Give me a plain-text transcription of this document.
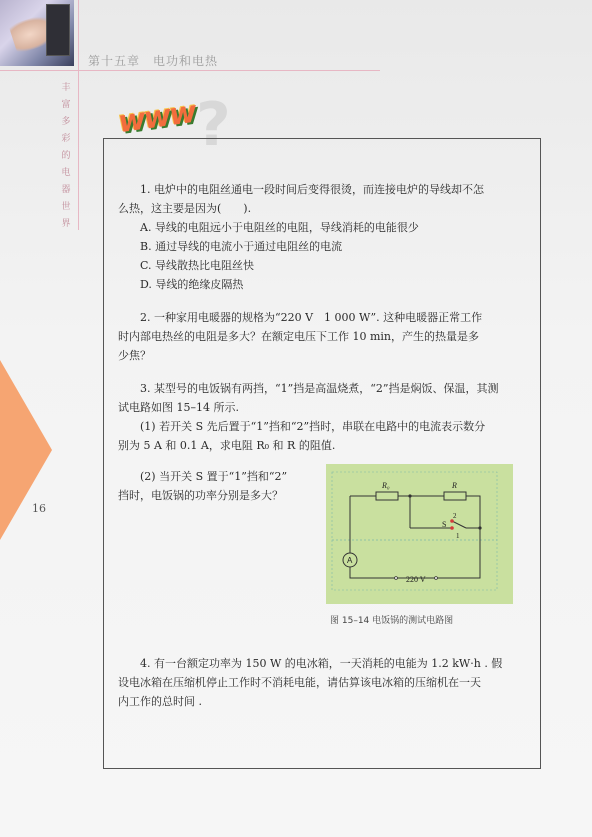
第十五章　电功和电热
丰
富
多
彩
的
电
器
世
界
16
?
www

1. 电炉中的电阻丝通电一段时间后变得很烫，而连接电炉的导线却不怎

么热，这主要是因为(　　).

A. 导线的电阻远小于电阻丝的电阻，导线消耗的电能很少

B. 通过导线的电流小于通过电阻丝的电流

C. 导线散热比电阻丝快

D. 导线的绝缘皮隔热

2. 一种家用电暖器的规格为“220 V　1 000 W”. 这种电暖器正常工作

时内部电热丝的电阻是多大？在额定电压下工作 10 min，产生的热量是多

少焦？

3. 某型号的电饭锅有两挡，“1”挡是高温烧煮，“2”挡是焖饭、保温，其测

试电路如图 15–14 所示.

(1) 若开关 S 先后置于“1”挡和“2”挡时，串联在电路中的电流表示数分

别为 5 A 和 0.1 A，求电阻 R₀ 和 R 的阻值.

(2) 当开关 S 置于“1”挡和“2”

挡时，电饭锅的功率分别是多大？

R₀	R
S
2
1
A
220 V
图 15–14 电饭锅的测试电路图

4. 有一台额定功率为 150 W 的电冰箱，一天消耗的电能为 1.2 kW·h . 假

设电冰箱在压缩机停止工作时不消耗电能，请估算该电冰箱的压缩机在一天

内工作的总时间 .
